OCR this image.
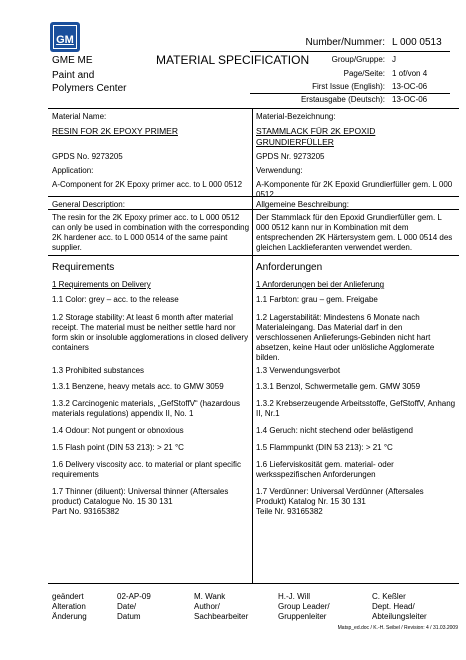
GM
GME ME
Paint and
Polymers Center
MATERIAL SPECIFICATION
Number/Nummer: L 000 0513
Group/Gruppe: J
Page/Seite: 1 of/von 4
First Issue (English): 13-OC-06
Erstausgabe (Deutsch): 13-OC-06
Material Name:
RESIN FOR 2K EPOXY PRIMER
GPDS No. 9273205
Application:
A-Component for 2K Epoxy primer acc. to L 000 0512
General Description:
The resin for the 2K Epoxy primer acc. to L 000 0512 can only be used in combination with the corresponding 2K hardener acc. to L 000 0514 of the same paint supplier.
Requirements
1 Requirements on Delivery
1.1 Color: grey – acc. to the release
1.2 Storage stability: At least 6 month after material receipt. The material must be neither settle hard nor form skin or insoluble agglomerations in closed delivery containers
1.3 Prohibited substances
1.3.1 Benzene, heavy metals acc. to GMW 3059
1.3.2 Carcinogenic materials, „GefStoffV“ (hazardous materials regulations) appendix II, No. 1
1.4 Odour: Not pungent or obnoxious
1.5 Flash point (DIN 53 213): > 21 °C
1.6 Delivery viscosity acc. to material or plant specific requirements
1.7 Thinner (diluent): Universal thinner (Aftersales product) Catalogue No. 15 30 131
Part No. 93165382
Material-Bezeichnung:
STAMMLACK FÜR 2K EPOXID
GRUNDIERFÜLLER
GPDS Nr. 9273205
Verwendung:
A-Komponente für 2K Epoxid Grundierfüller gem. L 000 0512
Allgemeine Beschreibung:
Der Stammlack für den Epoxid Grundierfüller gem. L 000 0512 kann nur in Kombination mit dem entsprechenden 2K Härtersystem gem. L 000 0514 des gleichen Lacklieferanten verwendet werden.
Anforderungen
1 Anforderungen bei der Anlieferung
1.1 Farbton: grau – gem. Freigabe
1.2 Lagerstabilität: Mindestens 6 Monate nach Materialeingang. Das Material darf in den verschlossenen Anlieferungs-Gebinden nicht hart absetzen, keine Haut oder unlösliche Agglomerate bilden.
1.3 Verwendungsverbot
1.3.1 Benzol, Schwermetalle gem. GMW 3059
1.3.2 Krebserzeugende Arbeitsstoffe, GefStoffV, Anhang II, Nr.1
1.4 Geruch: nicht stechend oder belästigend
1.5 Flammpunkt (DIN 53 213): > 21 °C
1.6 Lieferviskosität gem. material- oder werksspezifischen Anforderungen
1.7 Verdünner: Universal Verdünner (Aftersales Produkt) Katalog Nr. 15 30 131
Teile Nr. 93165382
geändert
Alteration
Änderung
02-AP-09
Date/
Datum
M. Wank
Author/
Sachbearbeiter
H.-J. Will
Group Leader/
Gruppenleiter
C. Keßler
Dept. Head/
Abteilungsleiter
Matsp_ed.doc / K.-H. Seibel / Revision: 4 / 31.03.2009
